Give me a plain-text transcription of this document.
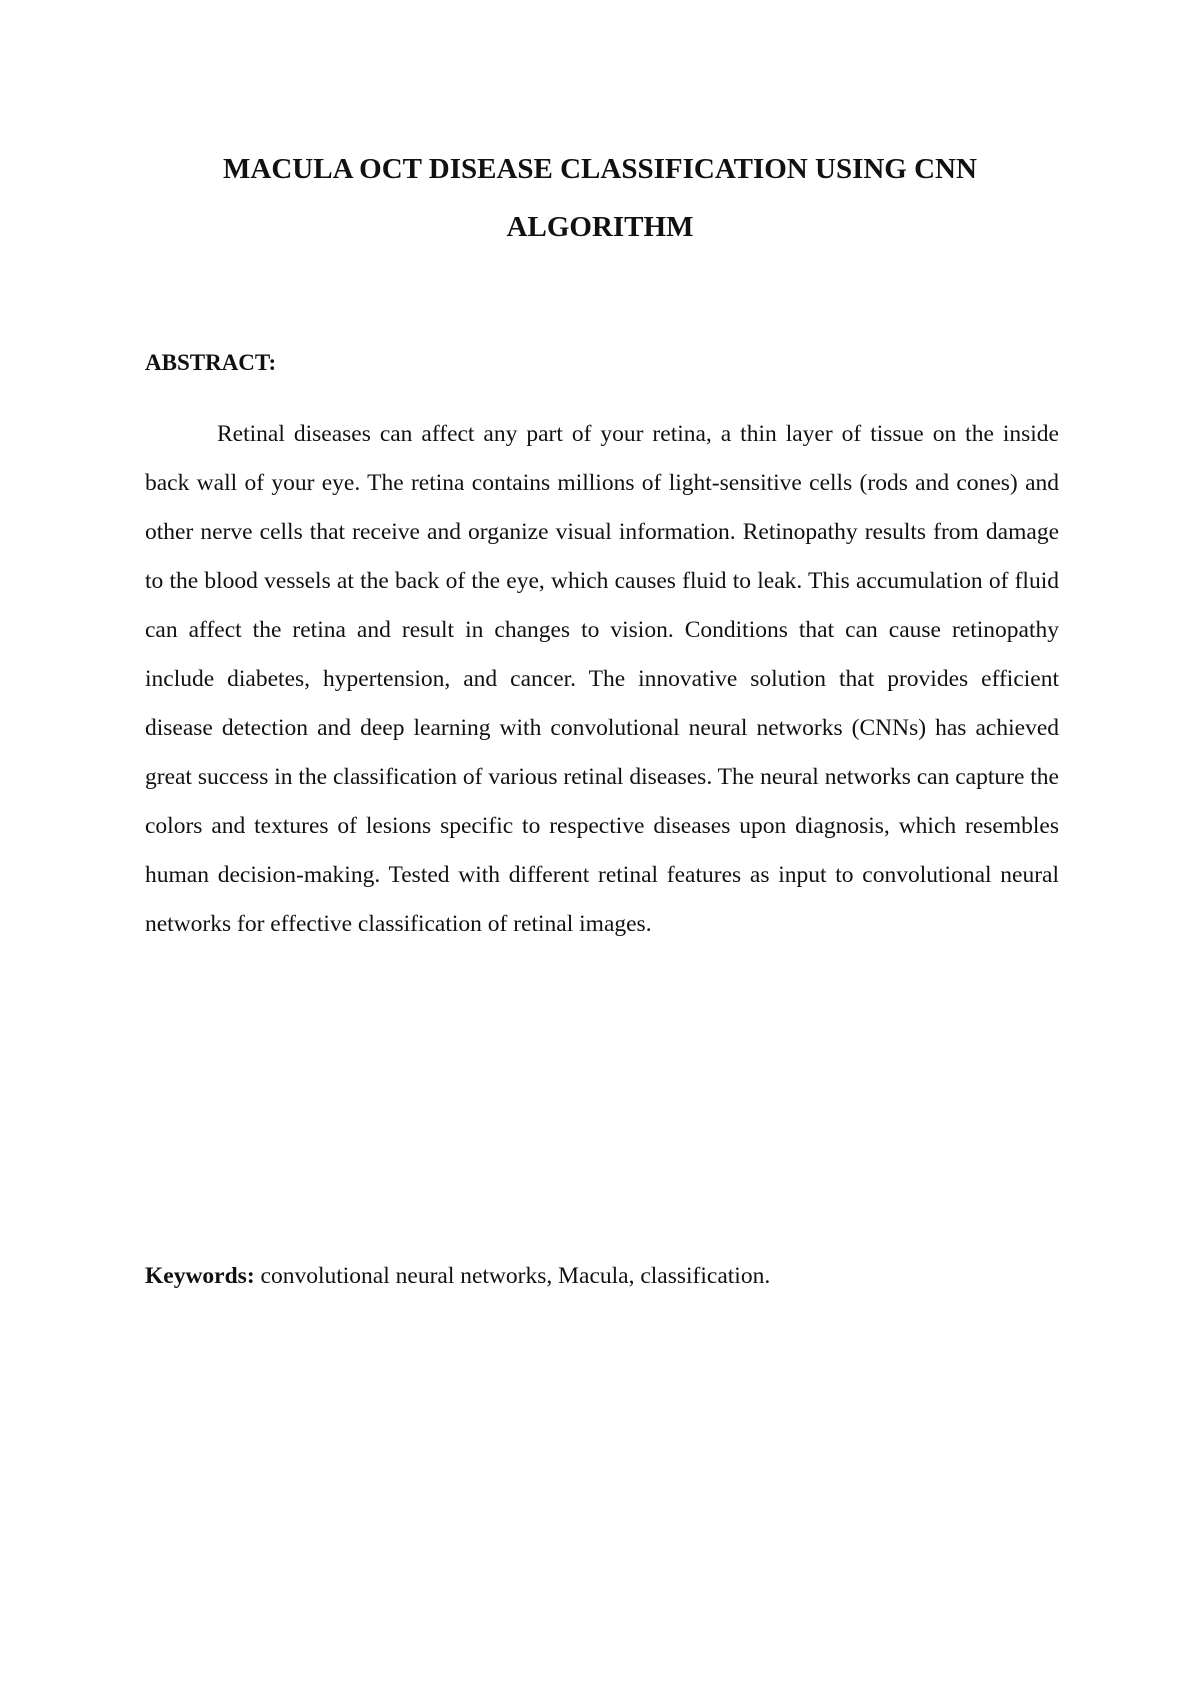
MACULA OCT DISEASE CLASSIFICATION USING CNN ALGORITHM
ABSTRACT:

Retinal diseases can affect any part of your retina, a thin layer of tissue on the inside back wall of your eye. The retina contains millions of light-sensitive cells (rods and cones) and other nerve cells that receive and organize visual information. Retinopathy results from damage to the blood vessels at the back of the eye, which causes fluid to leak. This accumulation of fluid can affect the retina and result in changes to vision. Conditions that can cause retinopathy include diabetes, hypertension, and cancer. The innovative solution that provides efficient disease detection and deep learning with convolutional neural networks (CNNs) has achieved great success in the classification of various retinal diseases. The neural networks can capture the colors and textures of lesions specific to respective diseases upon diagnosis, which resembles human decision-making. Tested with different retinal features as input to convolutional neural networks for effective classification of retinal images.

Keywords: convolutional neural networks, Macula, classification.
